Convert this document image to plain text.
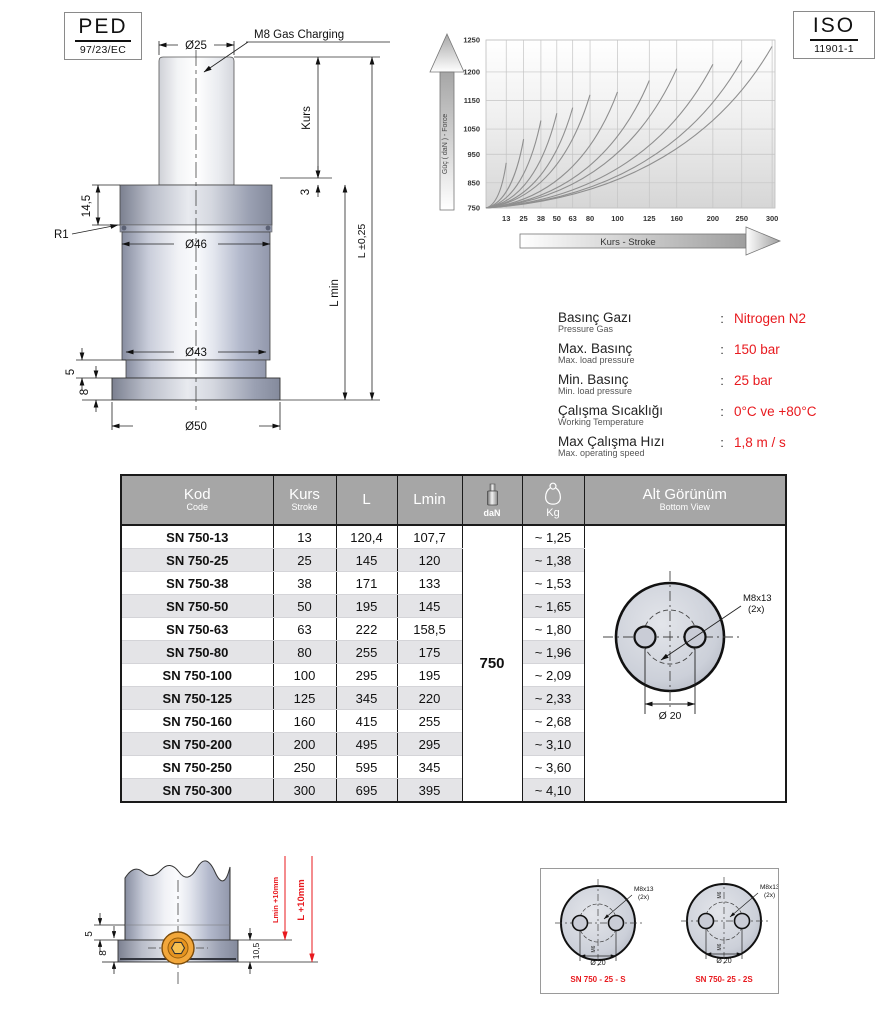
PED
97/23/EC
ISO
11901-1
Ø25
M8 Gas Charging
Kurs
3
L min
L ±0,25
14,5
R1
Ø46
Ø43
5
8
Ø50
Güç ( daN ) - Force
13 25 38 50 63 80 100	125 160	200 250 300
750
850
950
1050
1150
1200
1250
Kurs - Stroke
Basınç Gazı
Pressure Gas
: Nitrogen N2
Max. Basınç
Max. load pressure
: 150 bar
Min. Basınç
Min. load pressure
: 25 bar
Çalışma Sıcaklığı
Working Temperature
: 0°C ve +80°C
Max Çalışma Hızı
Max. operating speed
: 1,8 m / s
Kod
Code

Kurs
Stroke	L	Lmin

daN	Kg

Alt Görünüm
Bottom View

SN 750-13	13	120,4	107,7	750	~ 1,25	M8x13
(2x)
Ø 20

SN 750-25	25	145	120		~ 1,38	
SN 750-38	38	171	133		~ 1,53	
SN 750-50	50	195	145		~ 1,65	
SN 750-63	63	222	158,5		~ 1,80	
SN 750-80	80	255	175		~ 1,96	
SN 750-100	100	295	195		~ 2,09	
SN 750-125	125	345	220		~ 2,33	
SN 750-160	160	415	255		~ 2,68	
SN 750-200	200	495	295		~ 3,10	
SN 750-250	250	595	345		~ 3,60	
SN 750-300	300	695	395		~ 4,10	
5
8	10,5
Lmin +10mm L +10mm	M8x13
(2x)
M6
Ø 20
SN 750 - 25 - S
M8x13
(2x)
M6
M6
Ø 20
SN 750- 25 - 2S
